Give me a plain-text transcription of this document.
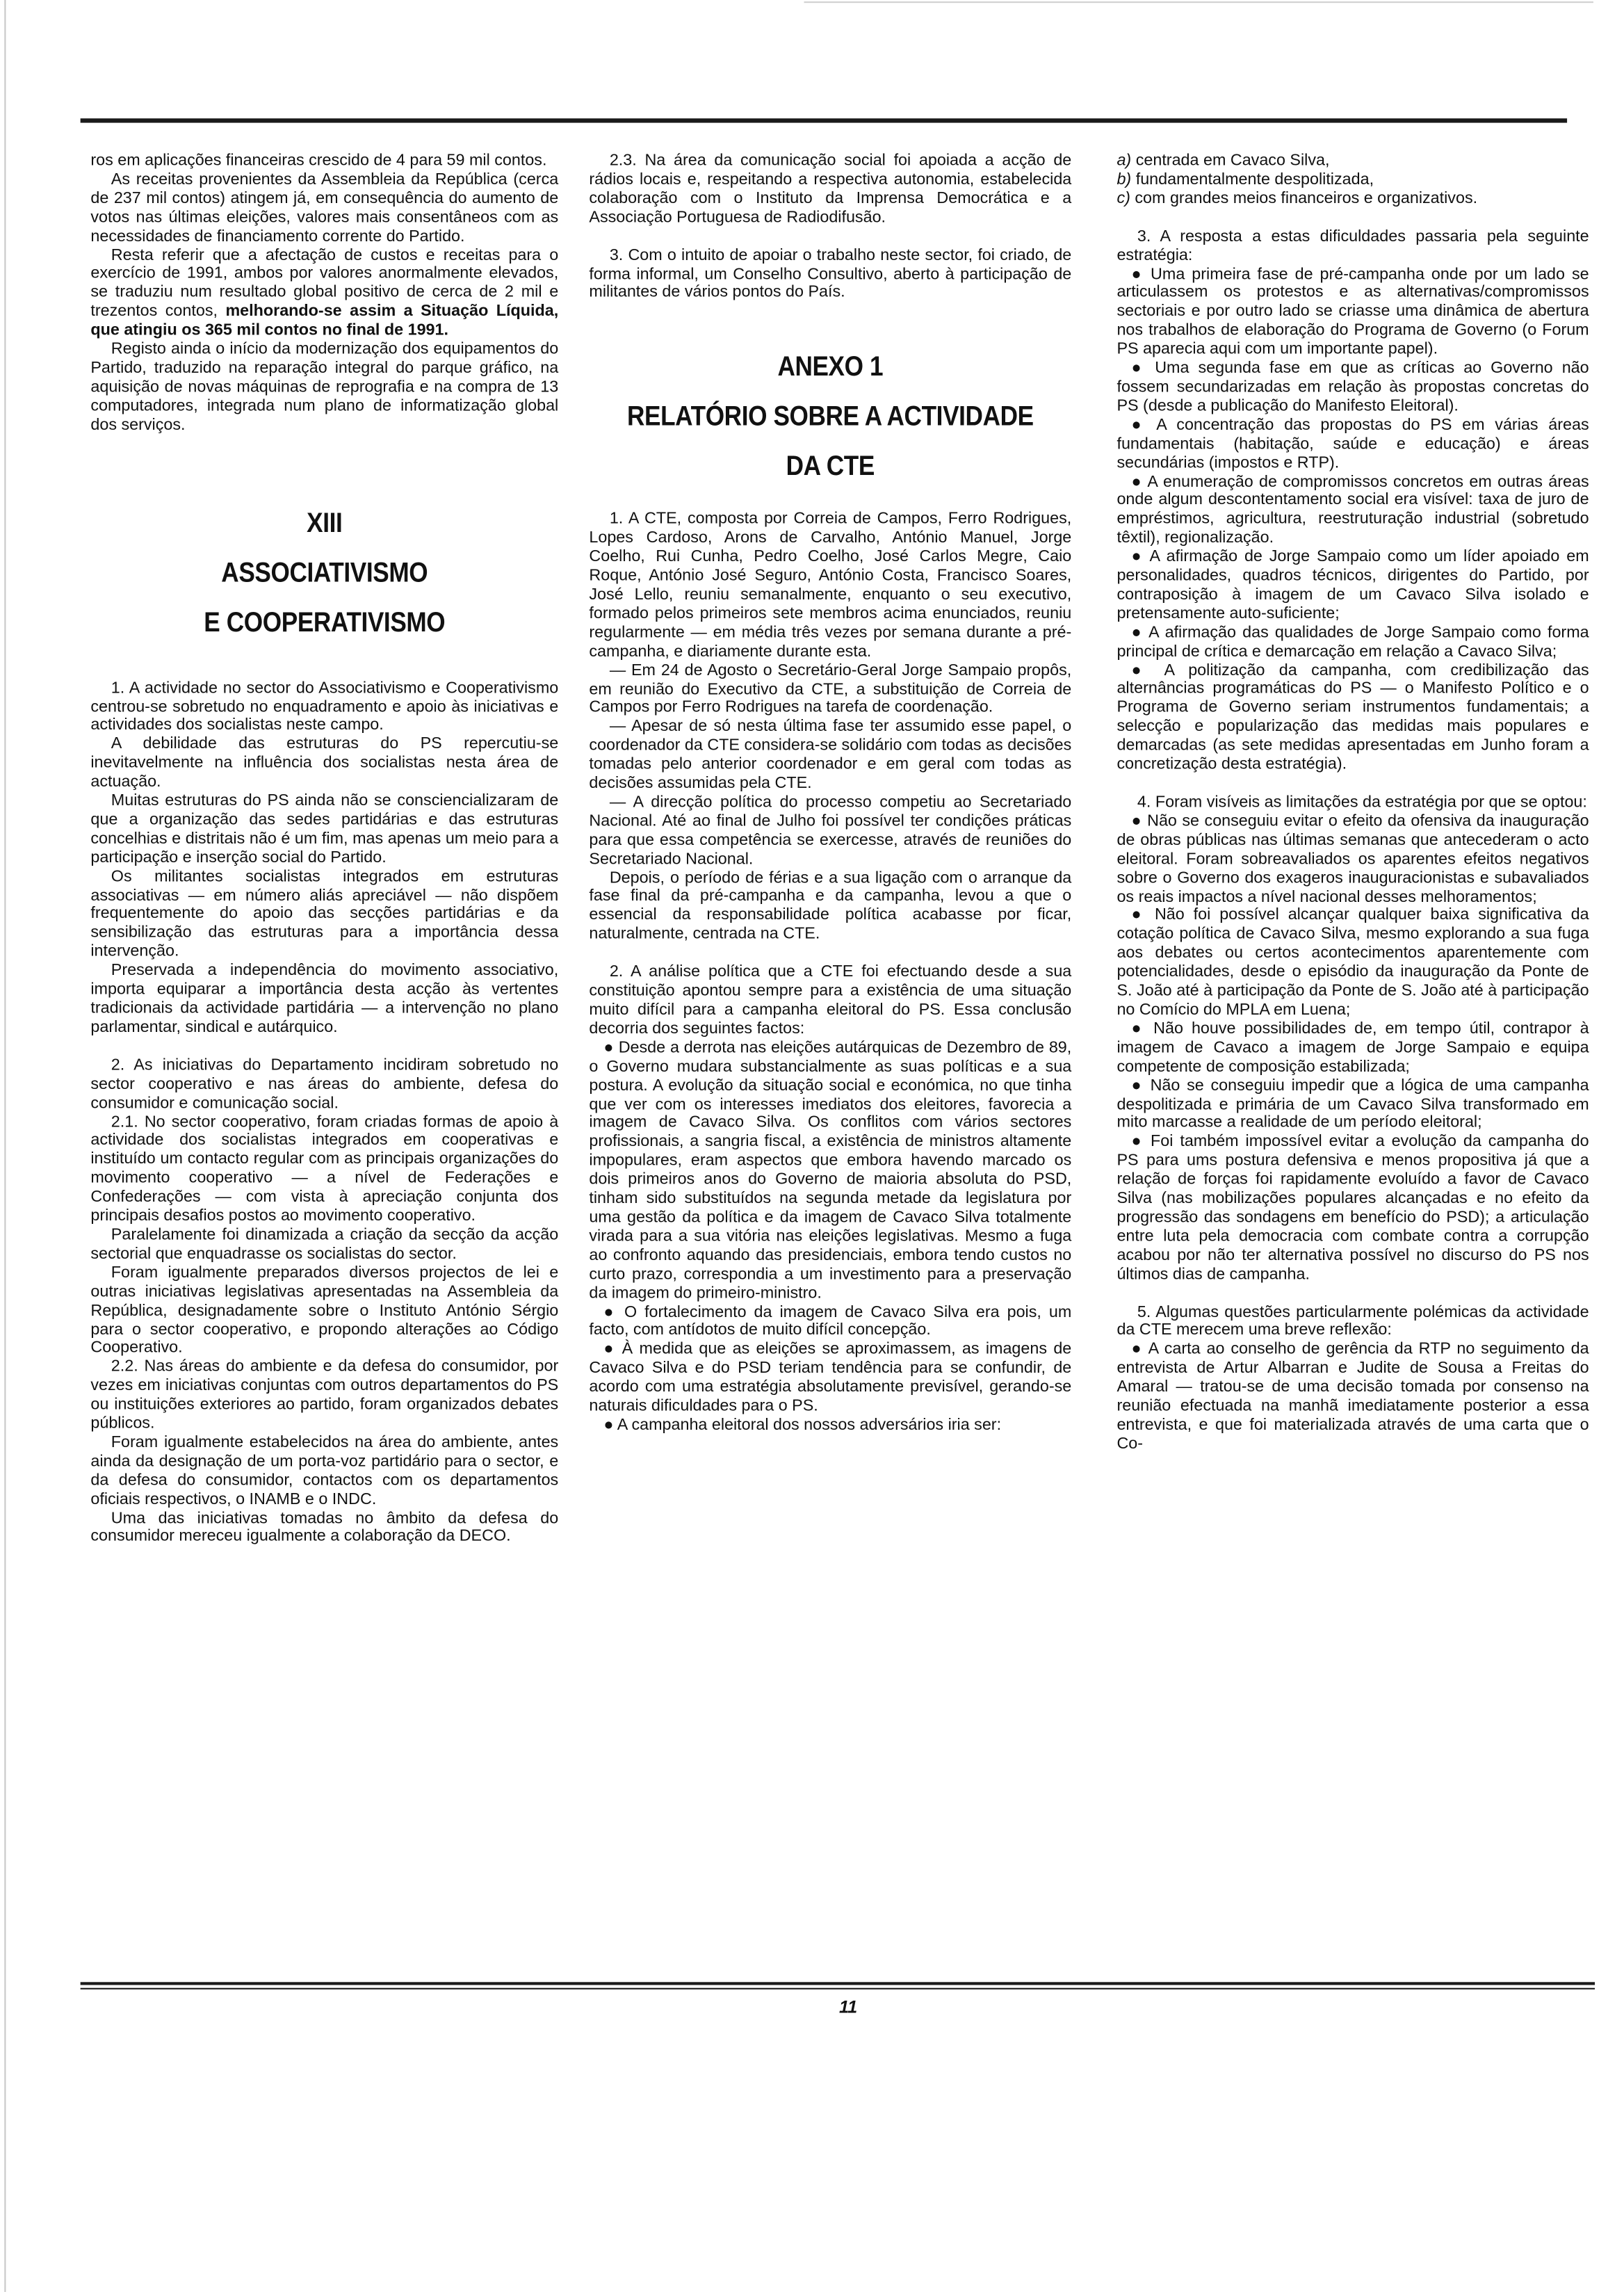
ros em aplicações financeiras crescido de 4 para 59 mil contos.

As receitas provenientes da Assembleia da República (cerca de 237 mil contos) atingem já, em consequência do aumento de votos nas últimas eleições, valores mais consentâneos com as necessidades de financiamento corrente do Partido.

Resta referir que a afectação de custos e receitas para o exercício de 1991, ambos por valores anormalmente elevados, se traduziu num resultado global positivo de cerca de 2 mil e trezentos contos, melhorando-se assim a Situação Líquida, que atingiu os 365 mil contos no final de 1991.

Registo ainda o início da modernização dos equipamentos do Partido, traduzido na reparação integral do parque gráfico, na aquisição de novas máquinas de reprografia e na compra de 13 computadores, integrada num plano de informatização global dos serviços.

XIII
ASSOCIATIVISMO
E COOPERATIVISMO

1. A actividade no sector do Associativismo e Cooperativismo centrou-se sobretudo no enquadramento e apoio às iniciativas e actividades dos socialistas neste campo.

A debilidade das estruturas do PS repercutiu-se inevitavelmente na influência dos socialistas nesta área de actuação.

Muitas estruturas do PS ainda não se consciencializaram de que a organização das sedes partidárias e das estruturas concelhias e distritais não é um fim, mas apenas um meio para a participação e inserção social do Partido.

Os militantes socialistas integrados em estruturas associativas — em número aliás apreciável — não dispõem frequentemente do apoio das secções partidárias e da sensibilização das estruturas para a importância dessa intervenção.

Preservada a independência do movimento associativo, importa equiparar a importância desta acção às vertentes tradicionais da actividade partidária — a intervenção no plano parlamentar, sindical e autárquico.

2. As iniciativas do Departamento incidiram sobretudo no sector cooperativo e nas áreas do ambiente, defesa do consumidor e comunicação social.

2.1. No sector cooperativo, foram criadas formas de apoio à actividade dos socialistas integrados em cooperativas e instituído um contacto regular com as principais organizações do movimento cooperativo — a nível de Federações e Confederações — com vista à apreciação conjunta dos principais desafios postos ao movimento cooperativo.

Paralelamente foi dinamizada a criação da secção da acção sectorial que enquadrasse os socialistas do sector.

Foram igualmente preparados diversos projectos de lei e outras iniciativas legislativas apresentadas na Assembleia da República, designadamente sobre o Instituto António Sérgio para o sector cooperativo, e propondo alterações ao Código Cooperativo.

2.2. Nas áreas do ambiente e da defesa do consumidor, por vezes em iniciativas conjuntas com outros departamentos do PS ou instituições exteriores ao partido, foram organizados debates públicos.

Foram igualmente estabelecidos na área do ambiente, antes ainda da designação de um porta-voz partidário para o sector, e da defesa do consumidor, contactos com os departamentos oficiais respectivos, o INAMB e o INDC.

Uma das iniciativas tomadas no âmbito da defesa do consumidor mereceu igualmente a colaboração da DECO.

2.3. Na área da comunicação social foi apoiada a acção de rádios locais e, respeitando a respectiva autonomia, estabelecida colaboração com o Instituto da Imprensa Democrática e a Associação Portuguesa de Radiodifusão.

3. Com o intuito de apoiar o trabalho neste sector, foi criado, de forma informal, um Conselho Consultivo, aberto à participação de militantes de vários pontos do País.

ANEXO 1
RELATÓRIO SOBRE A ACTIVIDADE
DA CTE

1. A CTE, composta por Correia de Campos, Ferro Rodrigues, Lopes Cardoso, Arons de Carvalho, António Manuel, Jorge Coelho, Rui Cunha, Pedro Coelho, José Carlos Megre, Caio Roque, António José Seguro, António Costa, Francisco Soares, José Lello, reuniu semanalmente, enquanto o seu executivo, formado pelos primeiros sete membros acima enunciados, reuniu regularmente — em média três vezes por semana durante a pré-campanha, e diariamente durante esta.

— Em 24 de Agosto o Secretário-Geral Jorge Sampaio propôs, em reunião do Executivo da CTE, a substituição de Correia de Campos por Ferro Rodrigues na tarefa de coordenação.

— Apesar de só nesta última fase ter assumido esse papel, o coordenador da CTE considera-se solidário com todas as decisões tomadas pelo anterior coordenador e em geral com todas as decisões assumidas pela CTE.

— A direcção política do processo competiu ao Secretariado Nacional. Até ao final de Julho foi possível ter condições práticas para que essa competência se exercesse, através de reuniões do Secretariado Nacional.

Depois, o período de férias e a sua ligação com o arranque da fase final da pré-campanha e da campanha, levou a que o essencial da responsabilidade política acabasse por ficar, naturalmente, centrada na CTE.

2. A análise política que a CTE foi efectuando desde a sua constituição apontou sempre para a existência de uma situação muito difícil para a campanha eleitoral do PS. Essa conclusão decorria dos seguintes factos:

● Desde a derrota nas eleições autárquicas de Dezembro de 89, o Governo mudara substancialmente as suas políticas e a sua postura. A evolução da situação social e económica, no que tinha que ver com os interesses imediatos dos eleitores, favorecia a imagem de Cavaco Silva. Os conflitos com vários sectores profissionais, a sangria fiscal, a existência de ministros altamente impopulares, eram aspectos que embora havendo marcado os dois primeiros anos do Governo de maioria absoluta do PSD, tinham sido substituídos na segunda metade da legislatura por uma gestão da política e da imagem de Cavaco Silva totalmente virada para a sua vitória nas eleições legislativas. Mesmo a fuga ao confronto aquando das presidenciais, embora tendo custos no curto prazo, correspondia a um investimento para a preservação da imagem do primeiro-ministro.

● O fortalecimento da imagem de Cavaco Silva era pois, um facto, com antídotos de muito difícil concepção.

● À medida que as eleições se aproximassem, as imagens de Cavaco Silva e do PSD teriam tendência para se confundir, de acordo com uma estratégia absolutamente previsível, gerando-se naturais dificuldades para o PS.

● A campanha eleitoral dos nossos adversários iria ser:

a) centrada em Cavaco Silva,

b) fundamentalmente despolitizada,

c) com grandes meios financeiros e organizativos.

3. A resposta a estas dificuldades passaria pela seguinte estratégia:

● Uma primeira fase de pré-campanha onde por um lado se articulassem os protestos e as alternativas/compromissos sectoriais e por outro lado se criasse uma dinâmica de abertura nos trabalhos de elaboração do Programa de Governo (o Forum PS aparecia aqui com um importante papel).

● Uma segunda fase em que as críticas ao Governo não fossem secundarizadas em relação às propostas concretas do PS (desde a publicação do Manifesto Eleitoral).

● A concentração das propostas do PS em várias áreas fundamentais (habitação, saúde e educação) e áreas secundárias (impostos e RTP).

● A enumeração de compromissos concretos em outras áreas onde algum descontentamento social era visível: taxa de juro de empréstimos, agricultura, reestruturação industrial (sobretudo têxtil), regionalização.

● A afirmação de Jorge Sampaio como um líder apoiado em personalidades, quadros técnicos, dirigentes do Partido, por contraposição à imagem de um Cavaco Silva isolado e pretensamente auto-suficiente;

● A afirmação das qualidades de Jorge Sampaio como forma principal de crítica e demarcação em relação a Cavaco Silva;

● A politização da campanha, com credibilização das alternâncias programáticas do PS — o Manifesto Político e o Programa de Governo seriam instrumentos fundamentais; a selecção e popularização das medidas mais populares e demarcadas (as sete medidas apresentadas em Junho foram a concretização desta estratégia).

4. Foram visíveis as limitações da estratégia por que se optou:

● Não se conseguiu evitar o efeito da ofensiva da inauguração de obras públicas nas últimas semanas que antecederam o acto eleitoral. Foram sobreavaliados os aparentes efeitos negativos sobre o Governo dos exageros inauguracionistas e subavaliados os reais impactos a nível nacional desses melhoramentos;

● Não foi possível alcançar qualquer baixa significativa da cotação política de Cavaco Silva, mesmo explorando a sua fuga aos debates ou certos acontecimentos aparentemente com potencialidades, desde o episódio da inauguração da Ponte de S. João até à participação da Ponte de S. João até à participação no Comício do MPLA em Luena;

● Não houve possibilidades de, em tempo útil, contrapor à imagem de Cavaco a imagem de Jorge Sampaio e equipa competente de composição estabilizada;

● Não se conseguiu impedir que a lógica de uma campanha despolitizada e primária de um Cavaco Silva transformado em mito marcasse a realidade de um período eleitoral;

● Foi também impossível evitar a evolução da campanha do PS para ums postura defensiva e menos propositiva já que a relação de forças foi rapidamente evoluído a favor de Cavaco Silva (nas mobilizações populares alcançadas e no efeito da progressão das sondagens em benefício do PSD); a articulação entre luta pela democracia com combate contra a corrupção acabou por não ter alternativa possível no discurso do PS nos últimos dias de campanha.

5. Algumas questões particularmente polémicas da actividade da CTE merecem uma breve reflexão:

● A carta ao conselho de gerência da RTP no seguimento da entrevista de Artur Albarran e Judite de Sousa a Freitas do Amaral — tratou-se de uma decisão tomada por consenso na reunião efectuada na manhã imediatamente posterior a essa entrevista, e que foi materializada através de uma carta que o Co-

11
